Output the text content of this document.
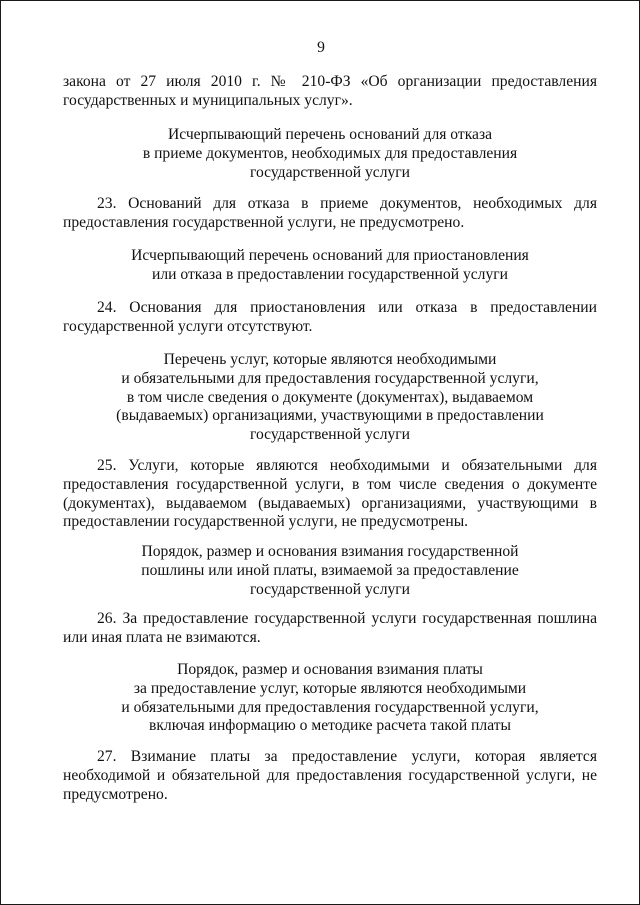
9
закона от 27 июля 2010 г. № 210-ФЗ «Об организации предоставления государственных и муниципальных услуг».
Исчерпывающий перечень оснований для отказа
в приеме документов, необходимых для предоставления
государственной услуги
23. Оснований для отказа в приеме документов, необходимых для предоставления государственной услуги, не предусмотрено.
Исчерпывающий перечень оснований для приостановления
или отказа в предоставлении государственной услуги
24. Основания для приостановления или отказа в предоставлении государственной услуги отсутствуют.
Перечень услуг, которые являются необходимыми
и обязательными для предоставления государственной услуги,
в том числе сведения о документе (документах), выдаваемом
(выдаваемых) организациями, участвующими в предоставлении
государственной услуги
25. Услуги, которые являются необходимыми и обязательными для предоставления государственной услуги, в том числе сведения о документе (документах), выдаваемом (выдаваемых) организациями, участвующими в предоставлении государственной услуги, не предусмотрены.
Порядок, размер и основания взимания государственной
пошлины или иной платы, взимаемой за предоставление
государственной услуги
26. За предоставление государственной услуги государственная пошлина или иная плата не взимаются.
Порядок, размер и основания взимания платы
за предоставление услуг, которые являются необходимыми
и обязательными для предоставления государственной услуги,
включая информацию о методике расчета такой платы
27. Взимание платы за предоставление услуги, которая является необходимой и обязательной для предоставления государственной услуги, не предусмотрено.
